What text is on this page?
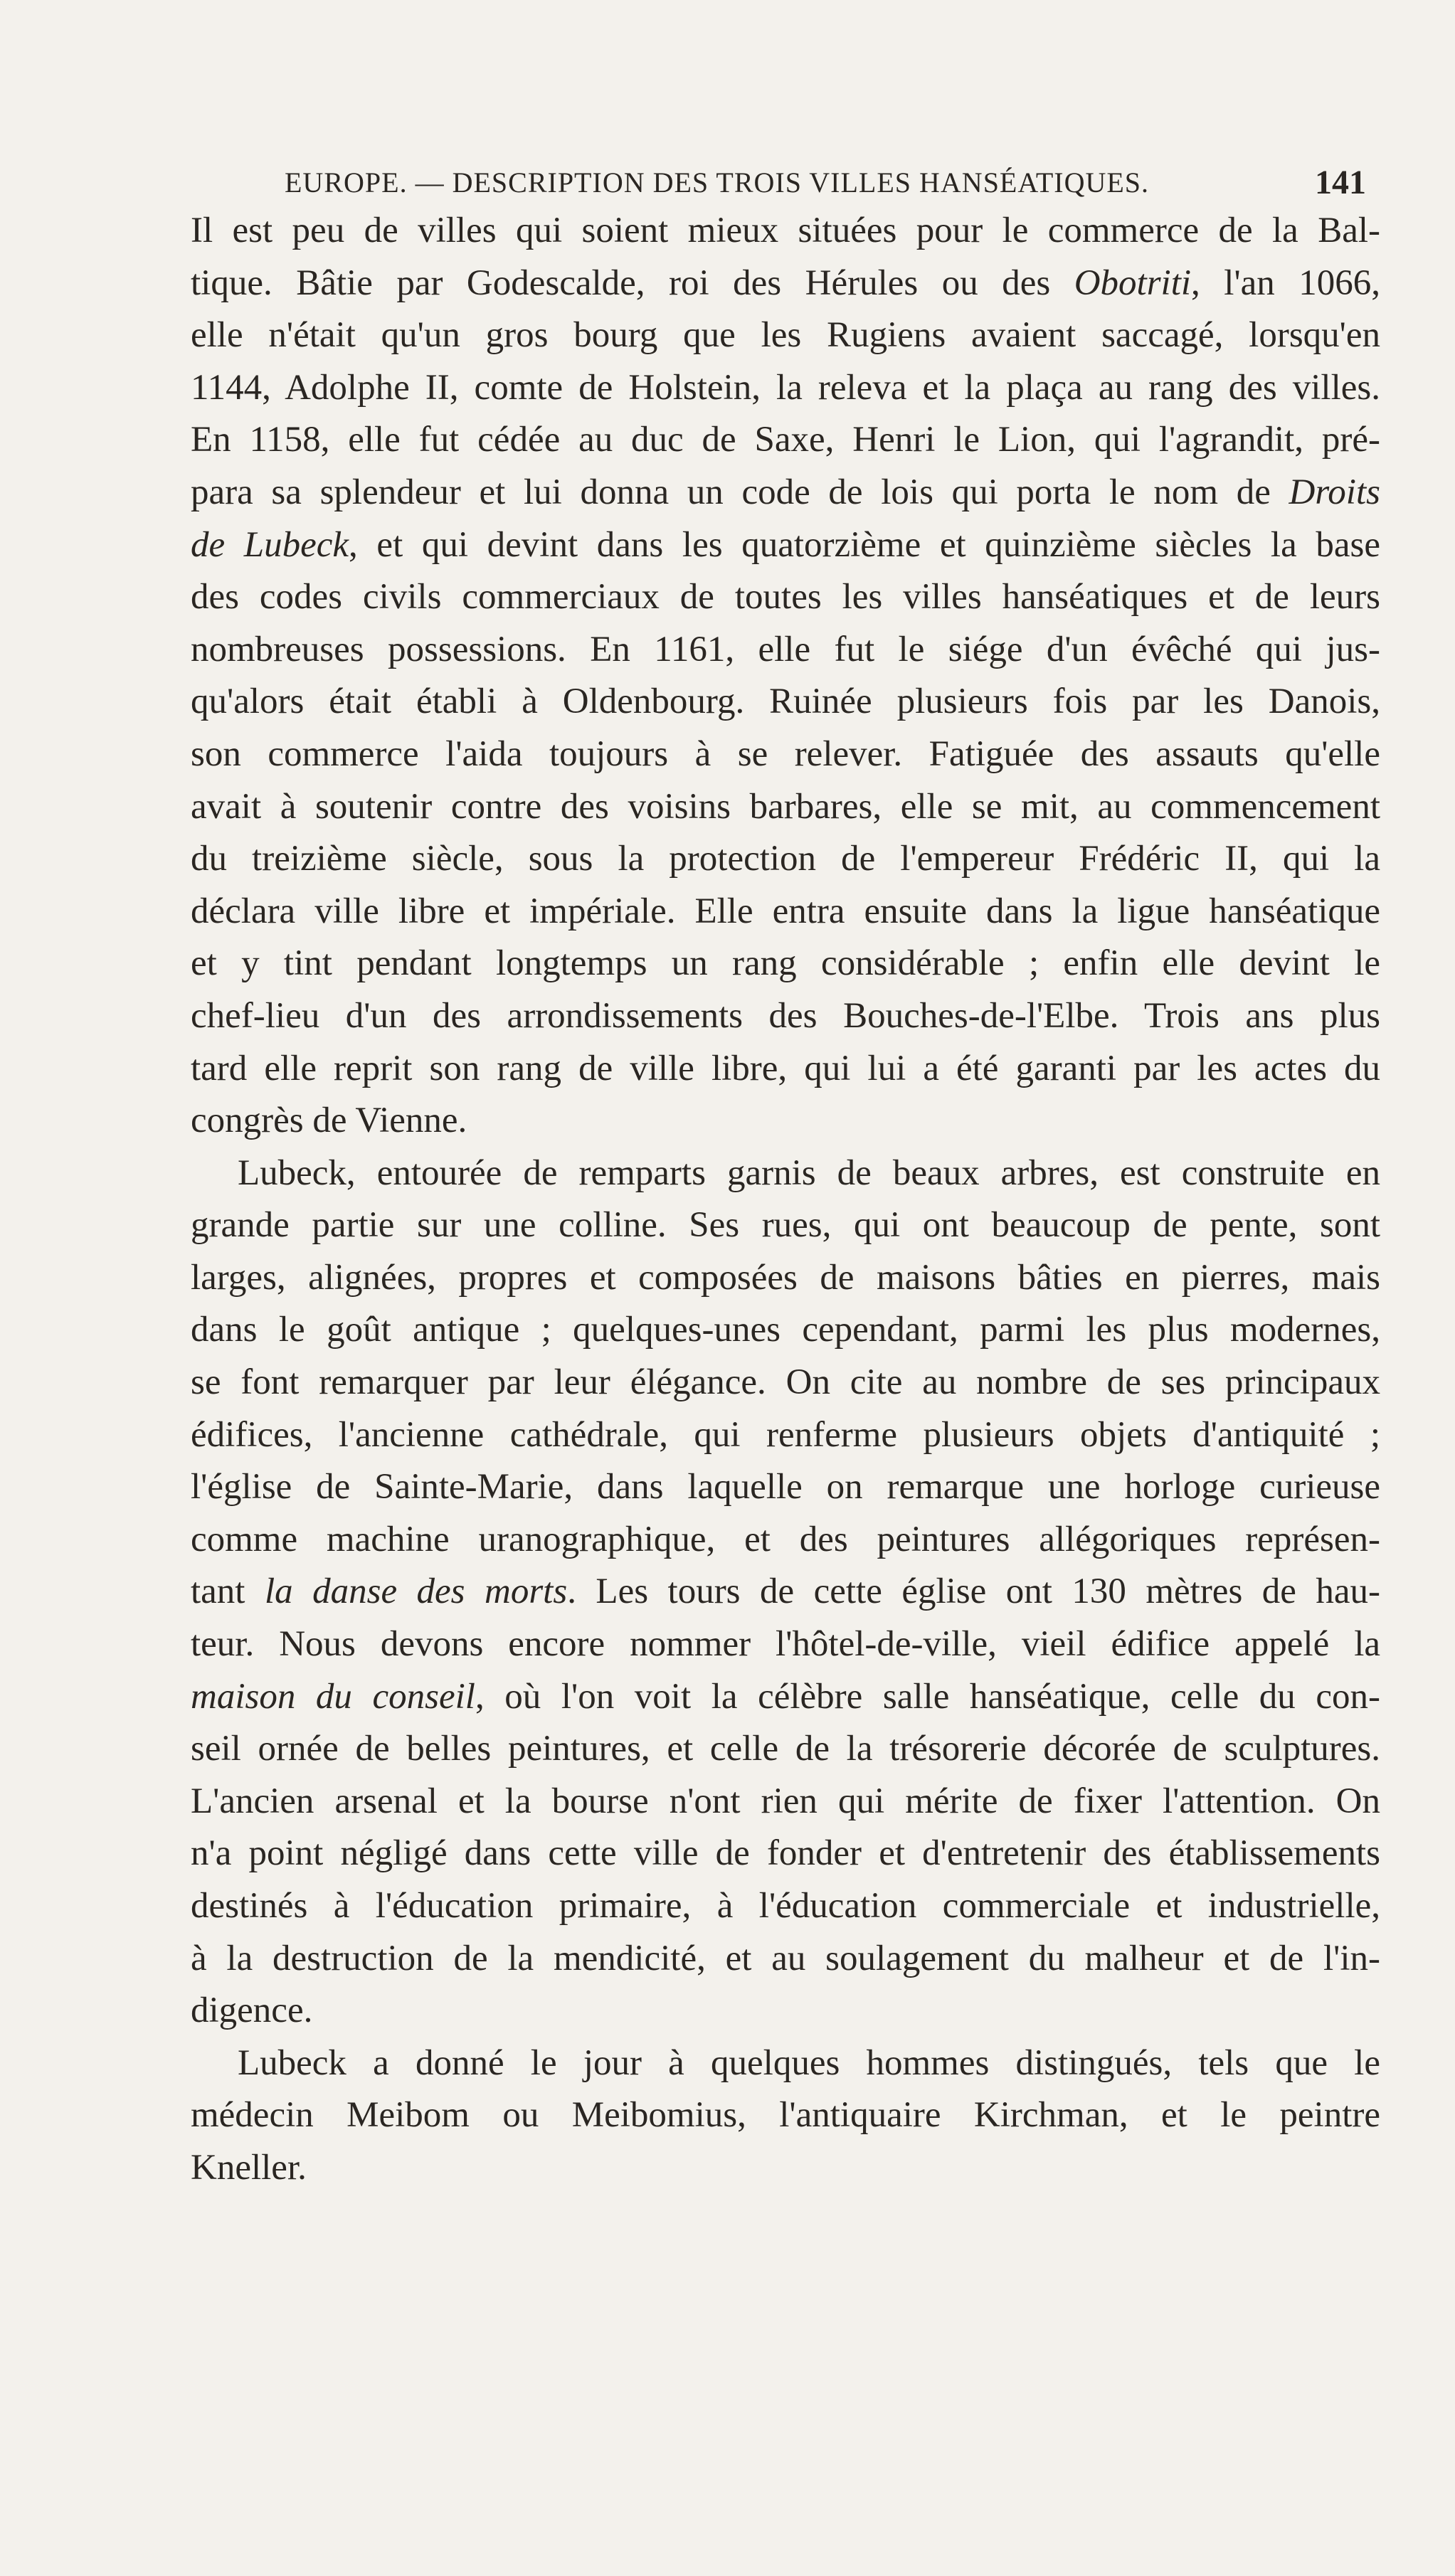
EUROPE. — DESCRIPTION DES TROIS VILLES HANSÉATIQUES.	141
Il est peu de villes qui soient mieux situées pour le commerce de la Bal-
tique. Bâtie par Godescalde, roi des Hérules ou des Obotriti, l'an 1066,
elle n'était qu'un gros bourg que les Rugiens avaient saccagé, lorsqu'en
1144, Adolphe II, comte de Holstein, la releva et la plaça au rang des villes.
En 1158, elle fut cédée au duc de Saxe, Henri le Lion, qui l'agrandit, pré-
para sa splendeur et lui donna un code de lois qui porta le nom de Droits
de Lubeck, et qui devint dans les quatorzième et quinzième siècles la base
des codes civils commerciaux de toutes les villes hanséatiques et de leurs
nombreuses possessions. En 1161, elle fut le siége d'un évêché qui jus-
qu'alors était établi à Oldenbourg. Ruinée plusieurs fois par les Danois,
son commerce l'aida toujours à se relever. Fatiguée des assauts qu'elle
avait à soutenir contre des voisins barbares, elle se mit, au commencement
du treizième siècle, sous la protection de l'empereur Frédéric II, qui la
déclara ville libre et impériale. Elle entra ensuite dans la ligue hanséatique
et y tint pendant longtemps un rang considérable ; enfin elle devint le
chef-lieu d'un des arrondissements des Bouches-de-l'Elbe. Trois ans plus
tard elle reprit son rang de ville libre, qui lui a été garanti par les actes du
congrès de Vienne.
Lubeck, entourée de remparts garnis de beaux arbres, est construite en
grande partie sur une colline. Ses rues, qui ont beaucoup de pente, sont
larges, alignées, propres et composées de maisons bâties en pierres, mais
dans le goût antique ; quelques-unes cependant, parmi les plus modernes,
se font remarquer par leur élégance. On cite au nombre de ses principaux
édifices, l'ancienne cathédrale, qui renferme plusieurs objets d'antiquité ;
l'église de Sainte-Marie, dans laquelle on remarque une horloge curieuse
comme machine uranographique, et des peintures allégoriques représen-
tant la danse des morts. Les tours de cette église ont 130 mètres de hau-
teur. Nous devons encore nommer l'hôtel-de-ville, vieil édifice appelé la
maison du conseil, où l'on voit la célèbre salle hanséatique, celle du con-
seil ornée de belles peintures, et celle de la trésorerie décorée de sculptures.
L'ancien arsenal et la bourse n'ont rien qui mérite de fixer l'attention. On
n'a point négligé dans cette ville de fonder et d'entretenir des établissements
destinés à l'éducation primaire, à l'éducation commerciale et industrielle,
à la destruction de la mendicité, et au soulagement du malheur et de l'in-
digence.
Lubeck a donné le jour à quelques hommes distingués, tels que le
médecin Meibom ou Meibomius, l'antiquaire Kirchman, et le peintre
Kneller.
